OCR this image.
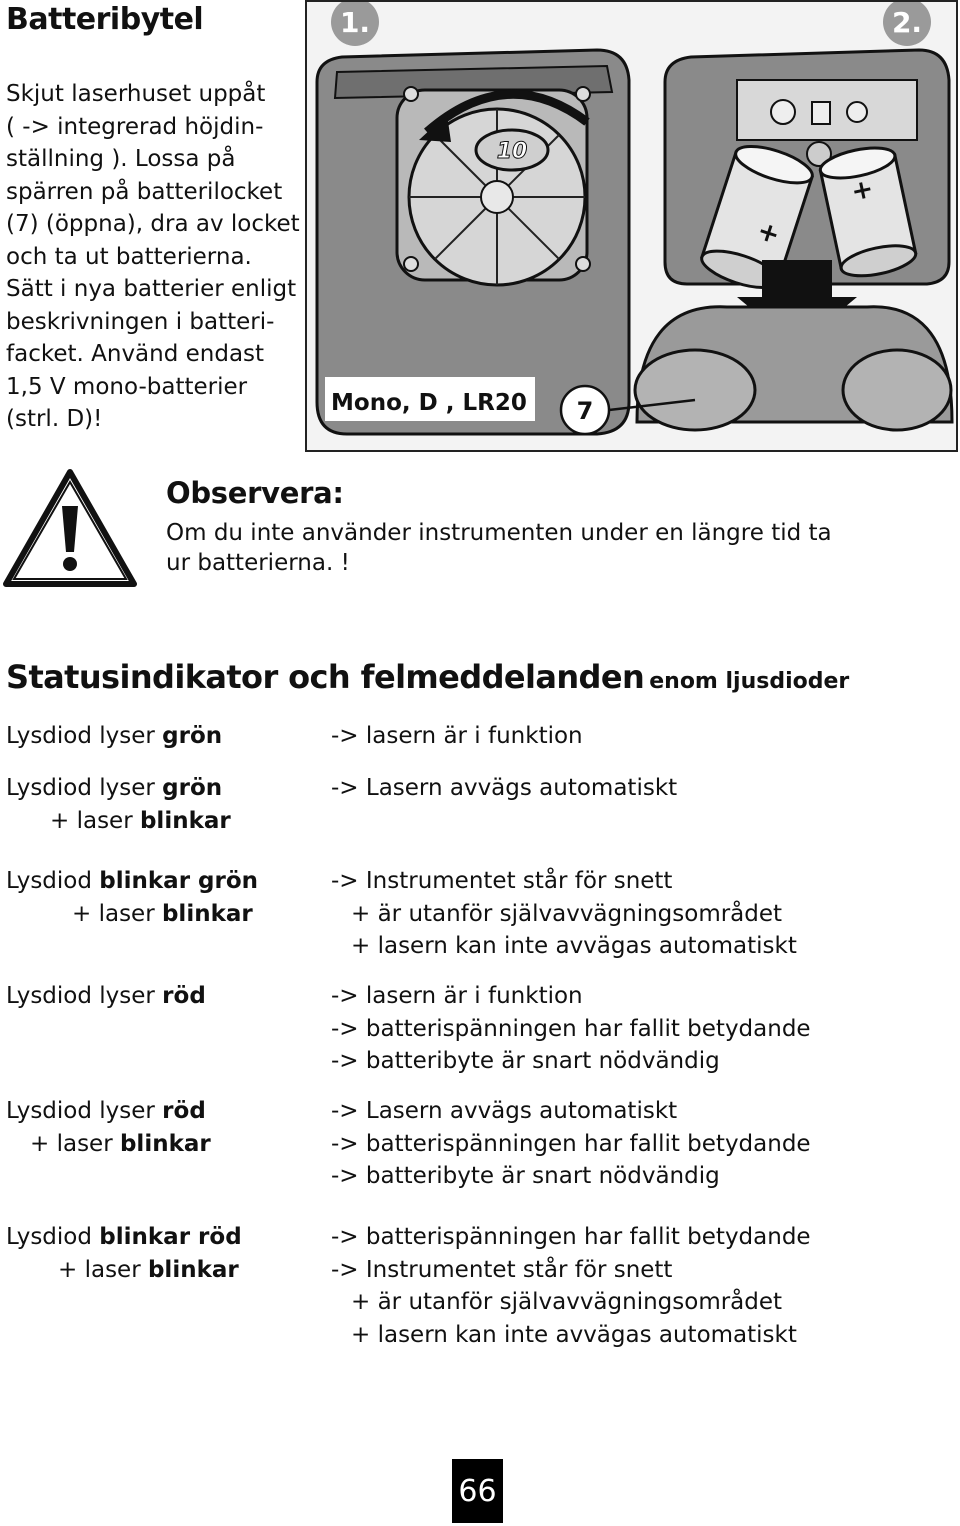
Batteribytel
Skjut laserhuset uppåt
( -> integrerad höjdin-
ställning ). Lossa på
spärren på batterilocket
(7) (öppna), dra av locket
och ta ut batterierna.
Sätt i nya batterier enligt
beskrivningen i batteri-
facket. Använd endast
1,5 V mono-batterier
(strl. D)!
10
1.
+
+
2.
Mono, D , LR20 7
Observera:
Om du inte använder instrumenten under en längre tid ta
ur batterierna. !
Statusindikator och felmeddelanden enom ljusdioder
Lysdiod lyser grön	-> lasern är i funktion
Lysdiod lyser grön
+ laser blinkar
-> Lasern avvägs automatiskt
Lysdiod blinkar grön
+ laser blinkar
-> Instrumentet står för snett
+ är utanför självavvägningsområdet
+ lasern kan inte avvägas automatiskt
Lysdiod lyser röd	-> lasern är i funktion
-> batterispänningen har fallit betydande
-> batteribyte är snart nödvändig
Lysdiod lyser röd
+ laser blinkar
-> Lasern avvägs automatiskt
-> batterispänningen har fallit betydande
-> batteribyte är snart nödvändig
Lysdiod blinkar röd
+ laser blinkar
-> batterispänningen har fallit betydande
-> Instrumentet står för snett
+ är utanför självavvägningsområdet
+ lasern kan inte avvägas automatiskt
66
